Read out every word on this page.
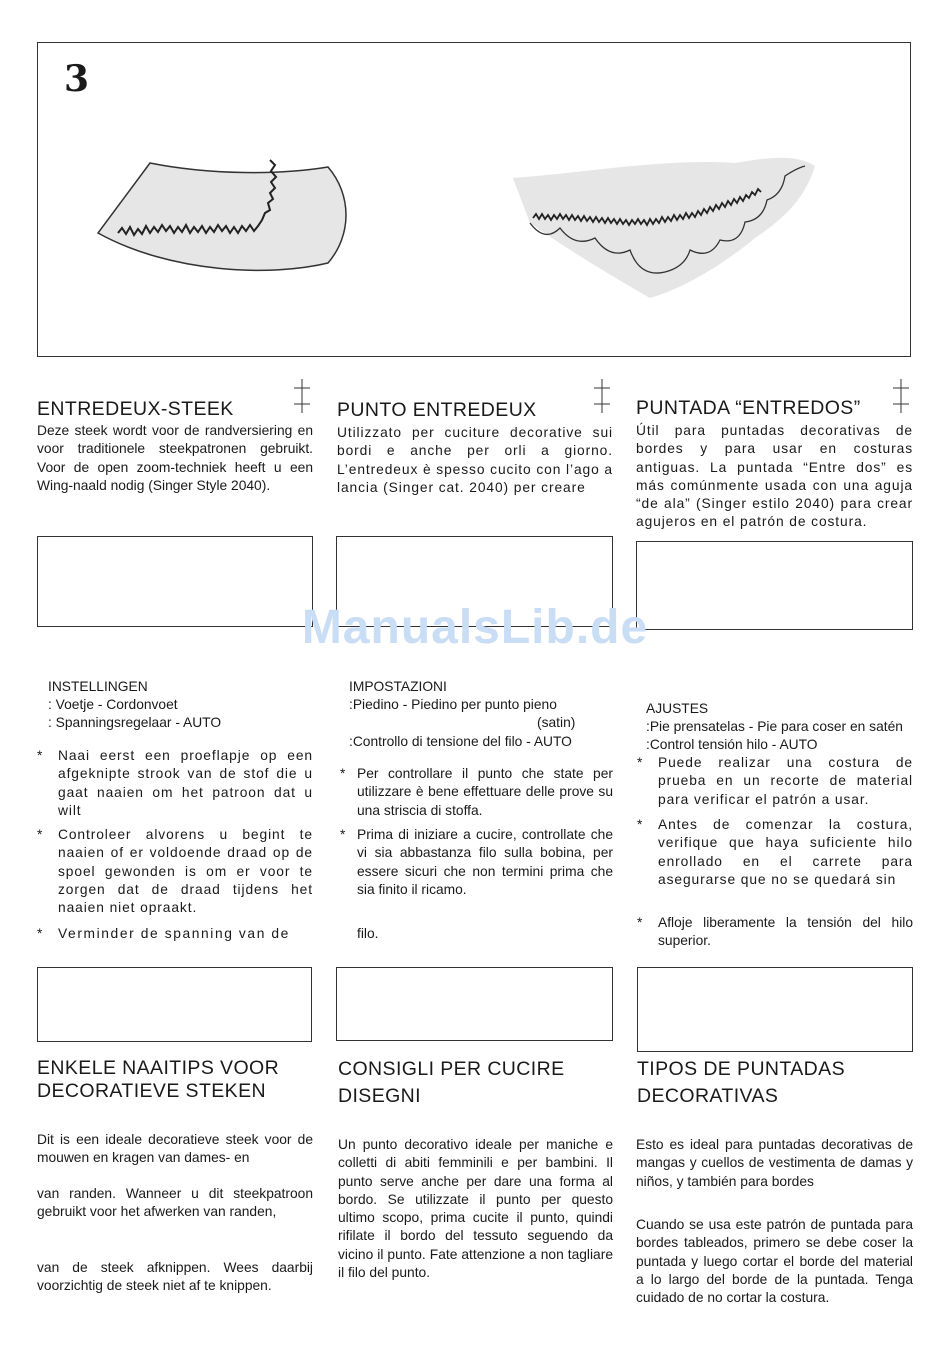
3
ENTREDEUX-STEEK
Deze steek wordt voor de randversiering en voor traditionele steekpatronen gebruikt. Voor de open zoom-techniek heeft u een Wing-naald nodig (Singer Style 2040).
INSTELLINGEN
: Voetje - Cordonvoet
: Spanningsregelaar - AUTO
* Naai eerst een proeflapje op een afgeknipte strook van de stof die u gaat naaien om het patroon dat u wilt
* Controleer alvorens u begint te naaien of er voldoende draad op de spoel gewonden is om er voor te zorgen dat de draad tijdens het naaien niet opraakt.
* Verminder de spanning van de
ENKELE NAAITIPS VOOR DECORATIEVE STEKEN
Dit is een ideale decoratieve steek voor de mouwen en kragen van dames- en
van randen. Wanneer u dit steekpatroon gebruikt voor het afwerken van randen,
van de steek afknippen. Wees daarbij voorzichtig de steek niet af te knippen.
PUNTO ENTREDEUX
Utilizzato per cuciture decorative sui bordi e anche per orli a giorno. L’entredeux è spesso cucito con l’ago a lancia (Singer cat. 2040) per creare
IMPOSTAZIONI
:Piedino - Piedino per punto pieno
(satin)
:Controllo di tensione del filo - AUTO
* Per controllare il punto che state per utilizzare è bene effettuare delle prove su una striscia di stoffa.
* Prima di iniziare a cucire, controllate che vi sia abbastanza filo sulla bobina, per essere sicuri che non termini prima che sia finito il ricamo.
filo.
CONSIGLI PER CUCIRE DISEGNI
Un punto decorativo ideale per maniche e colletti di abiti femminili e per bambini. Il punto serve anche per dare una forma al bordo. Se utilizzate il punto per questo ultimo scopo, prima cucite il punto, quindi rifilate il bordo del tessuto seguendo da vicino il punto. Fate attenzione a non tagliare il filo del punto.
PUNTADA “ENTREDOS”
Útil para puntadas decorativas de bordes y para usar en costuras antiguas. La puntada “Entre dos” es más comúnmente usada con una aguja “de ala” (Singer estilo 2040) para crear agujeros en el patrón de costura.
AJUSTES
:Pie prensatelas - Pie para coser en satén
:Control tensión hilo - AUTO
* Puede realizar una costura de prueba en un recorte de material para verificar el patrón a usar.
* Antes de comenzar la costura, verifique que haya suficiente hilo enrollado en el carrete para asegurarse que no se quedará sin
* Afloje liberamente la tensión del hilo superior.
TIPOS DE PUNTADAS DECORATIVAS
Esto es ideal para puntadas decorativas de mangas y cuellos de vestimenta de damas y niños, y también para bordes
Cuando se usa este patrón de puntada para bordes tableados, primero se debe coser la puntada y luego cortar el borde del material a lo largo del borde de la puntada. Tenga cuidado de no cortar la costura.
ManualsLib.de
